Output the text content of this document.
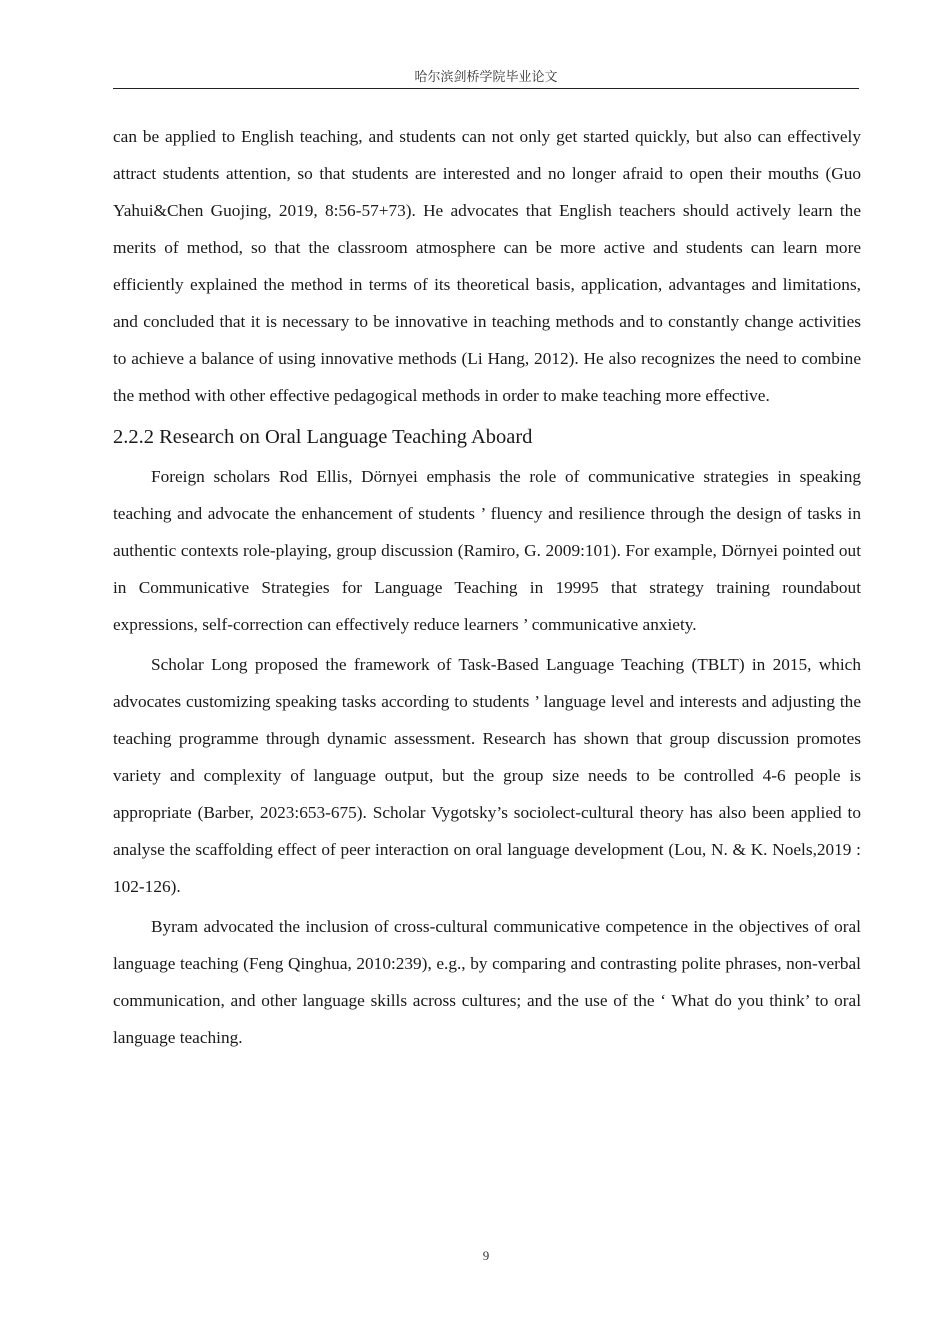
哈尔滨剑桥学院毕业论文

can be applied to English teaching, and students can not only get started quickly, but also can effectively attract students attention, so that students are interested and no longer afraid to open their mouths (Guo Yahui&Chen Guojing, 2019, 8:56-57+73). He advocates that English teachers should actively learn the merits of method, so that the classroom atmosphere can be more active and students can learn more efficiently explained the method in terms of its theoretical basis, application, advantages and limitations, and concluded that it is necessary to be innovative in teaching methods and to constantly change activities to achieve a balance of using innovative methods (Li Hang, 2012). He also recognizes the need to combine the method with other effective pedagogical methods in order to make teaching more effective.

2.2.2 Research on Oral Language Teaching Aboard

Foreign scholars Rod Ellis, Dörnyei emphasis the role of communicative strategies in speaking teaching and advocate the enhancement of students ’ fluency and resilience through the design of tasks in authentic contexts role-playing, group discussion (Ramiro, G. 2009:101). For example, Dörnyei pointed out in Communicative Strategies for Language Teaching in 19995 that strategy training roundabout expressions, self-correction can effectively reduce learners ’ communicative anxiety.

Scholar Long proposed the framework of Task-Based Language Teaching (TBLT) in 2015, which advocates customizing speaking tasks according to students ’ language level and interests and adjusting the teaching programme through dynamic assessment. Research has shown that group discussion promotes variety and complexity of language output, but the group size needs to be controlled 4-6 people is appropriate (Barber, 2023:653-675). Scholar Vygotsky’s sociolect-cultural theory has also been applied to analyse the scaffolding effect of peer interaction on oral language development (Lou, N. & K. Noels,2019 : 102-126).

Byram advocated the inclusion of cross-cultural communicative competence in the objectives of oral language teaching (Feng Qinghua, 2010:239), e.g., by comparing and contrasting polite phrases, non-verbal communication, and other language skills across cultures; and the use of the ‘ What do you think’ to oral language teaching.

9
